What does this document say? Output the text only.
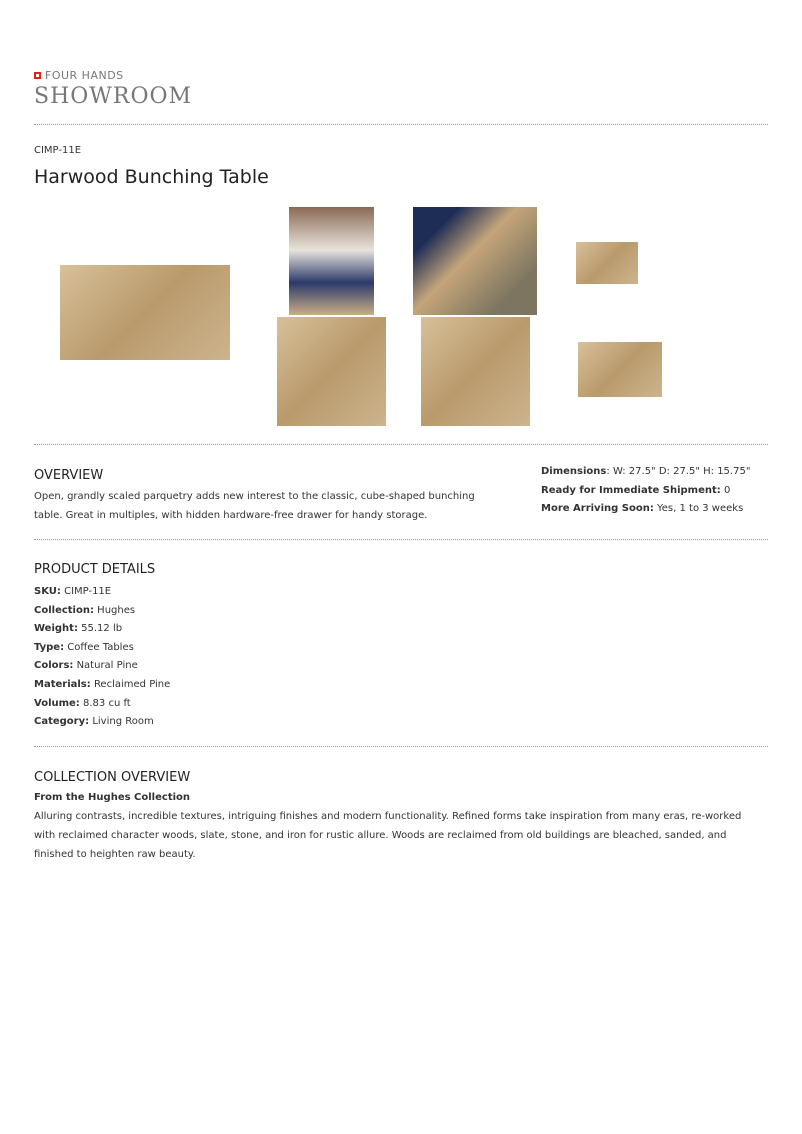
FOUR HANDS
SHOWROOM
CIMP-11E
Harwood Bunching Table
OVERVIEW
Open, grandly scaled parquetry adds new interest to the classic, cube-shaped bunching table. Great in multiples, with hidden hardware-free drawer for handy storage.
Dimensions: W: 27.5" D: 27.5" H: 15.75"
Ready for Immediate Shipment: 0
More Arriving Soon: Yes, 1 to 3 weeks
PRODUCT DETAILS
SKU: CIMP-11E
Collection: Hughes
Weight: 55.12 lb
Type: Coffee Tables
Colors: Natural Pine
Materials: Reclaimed Pine
Volume: 8.83 cu ft
Category: Living Room
COLLECTION OVERVIEW
From the Hughes Collection
Alluring contrasts, incredible textures, intriguing finishes and modern functionality. Refined forms take inspiration from many eras, re-worked with reclaimed character woods, slate, stone, and iron for rustic allure. Woods are reclaimed from old buildings are bleached, sanded, and finished to heighten raw beauty.
